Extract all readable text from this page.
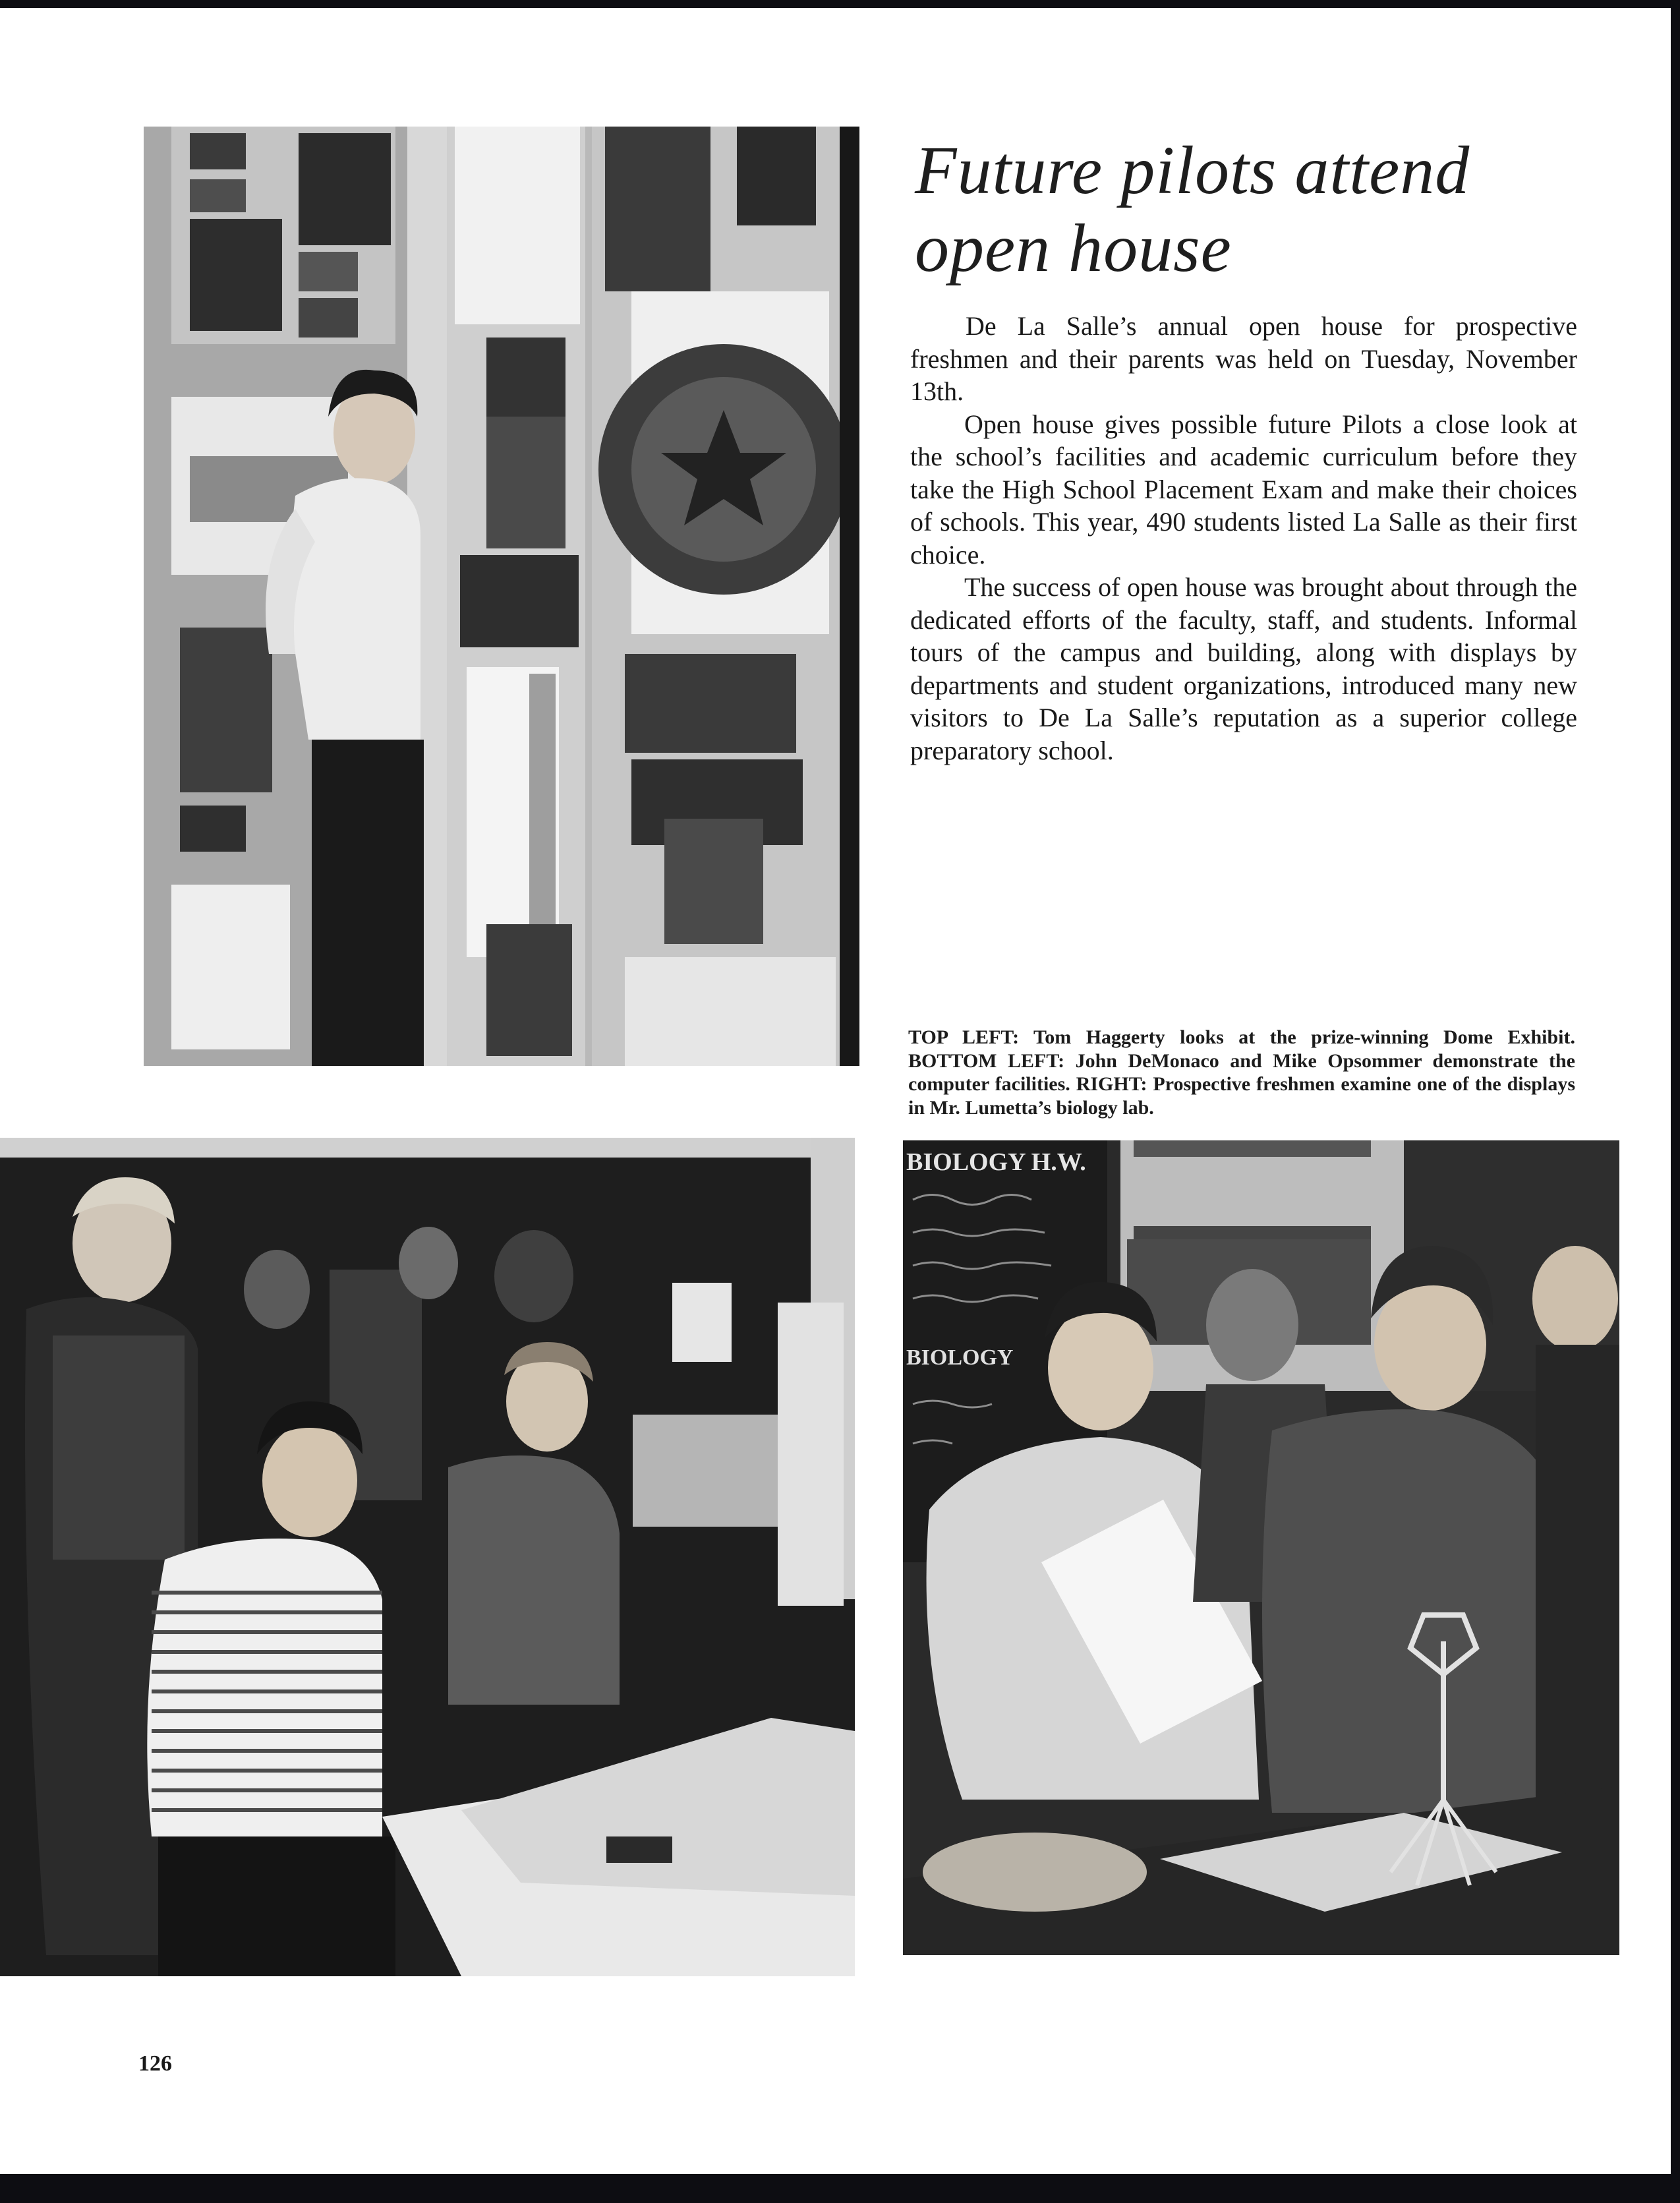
Future pilots attend open house

De La Salle’s annual open house for prospective freshmen and their parents was held on Tuesday, November 13th.

Open house gives possible future Pilots a close look at the school’s facilities and academic curriculum before they take the High School Placement Exam and make their choices of schools. This year, 490 students listed La Salle as their first choice.

The success of open house was brought about through the dedicated efforts of the faculty, staff, and students. Informal tours of the campus and building, along with displays by departments and student organizations, introduced many new visitors to De La Salle’s reputation as a superior college preparatory school.

TOP LEFT: Tom Haggerty looks at the prize-winning Dome Exhibit. BOTTOM LEFT: John DeMonaco and Mike Opsommer demonstrate the computer facilities. RIGHT: Prospective freshmen examine one of the displays in Mr. Lumetta’s biology lab.
BIOLOGY H.W.
BIOLOGY
126
